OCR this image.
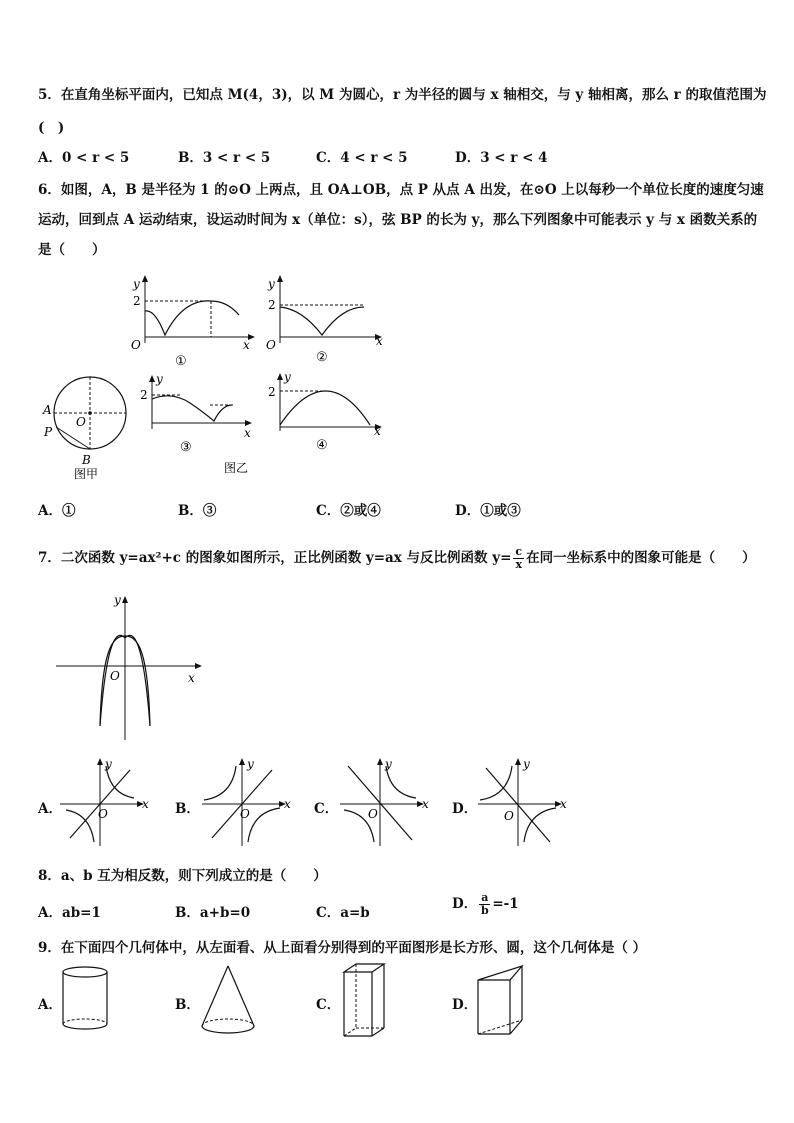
5．在直角坐标平面内，已知点 M(4，3)，以 M 为圆心，r 为半径的圆与 x 轴相交，与 y 轴相离，那么 r 的取值范围为
(　)
A．0 < r < 5	B．3 < r < 5	C．4 < r < 5	D．3 < r < 4
6．如图，A，B 是半径为 1 的⊙O 上两点，且 OA⊥OB，点 P 从点 A 出发，在⊙O 上以每秒一个单位长度的速度匀速
运动，回到点 A 运动结束，设运动时间为 x（单位：s），弦 BP 的长为 y，那么下列图象中可能表示 y 与 x 函数关系的
是（　　）
y
2
O	x
①
y
2
O	x
②
A
P
O
B
图甲
y
2
x
③
y
2
x
④
图乙
A．①	B．③	C．②或④	D．①或③
7．二次函数 y=ax²+c 的图象如图所示，正比例函数 y=ax 与反比例函数 $y= \frac{c}{x}$ 在同一坐标系中的图象可能是（　　）
y
O	x
A．	B．	C．	D．
y
O
x
y
O
x
y
O
x
y
O
x
8．a、b 互为相反数，则下列成立的是（　　）
A．ab=1	B．a+b=0	C．a=b
D． $\frac{a}{b} =-1$
9．在下面四个几何体中，从左面看、从上面看分别得到的平面图形是长方形、圆，这个几何体是（ ）
A．	B．	C．	D．
